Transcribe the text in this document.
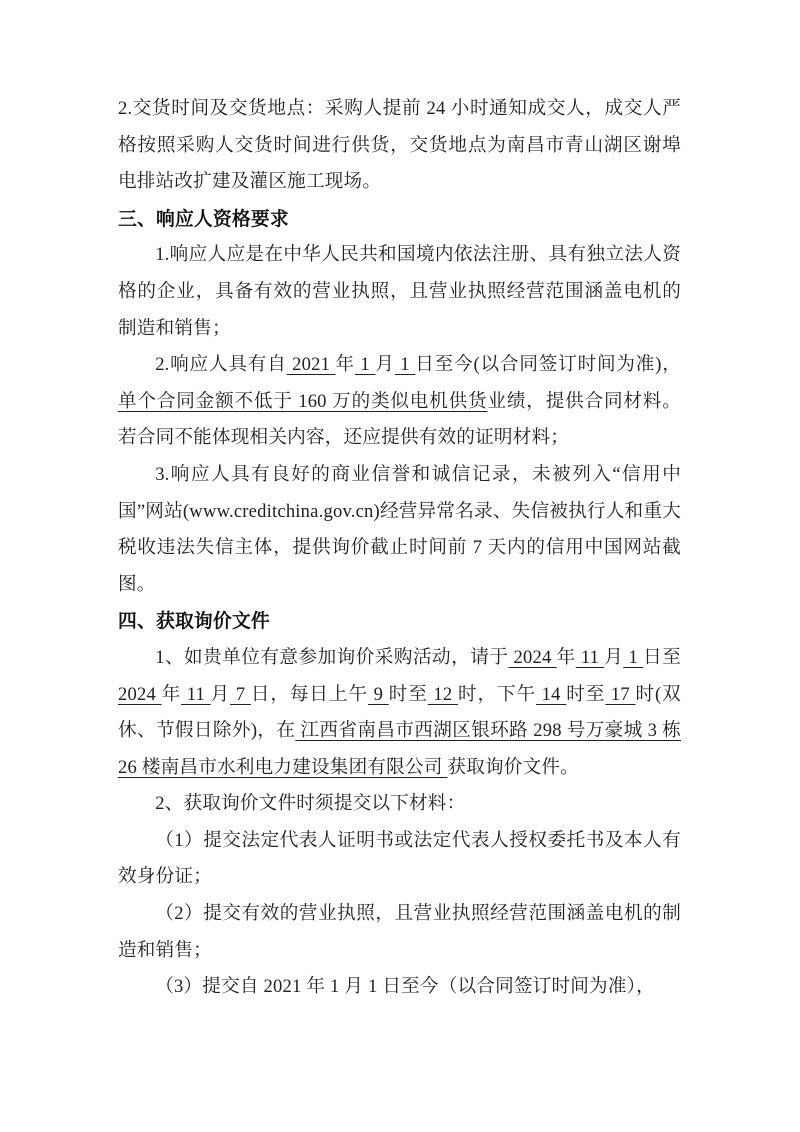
2.交货时间及交货地点：采购人提前 24 小时通知成交人，成交人严格按照采购人交货时间进行供货，交货地点为南昌市青山湖区谢埠电排站改扩建及灌区施工现场。

三、响应人资格要求

1.响应人应是在中华人民共和国境内依法注册、具有独立法人资格的企业，具备有效的营业执照，且营业执照经营范围涵盖电机的制造和销售；

2.响应人具有自 2021 年 1 月 1 日至今(以合同签订时间为准)，单个合同金额不低于 160 万的类似电机供货业绩，提供合同材料。若合同不能体现相关内容，还应提供有效的证明材料；

3.响应人具有良好的商业信誉和诚信记录，未被列入“信用中国”网站(www.creditchina.gov.cn)经营异常名录、失信被执行人和重大税收违法失信主体，提供询价截止时间前 7 天内的信用中国网站截图。

四、获取询价文件

1、如贵单位有意参加询价采购活动，请于 2024 年 11 月 1 日至 2024 年 11 月 7 日，每日上午 9 时至 12 时，下午 14 时至 17 时(双休、节假日除外)，在 江西省南昌市西湖区银环路 298 号万豪城 3 栋 26 楼南昌市水利电力建设集团有限公司 获取询价文件。

2、获取询价文件时须提交以下材料：

（1）提交法定代表人证明书或法定代表人授权委托书及本人有效身份证；

（2）提交有效的营业执照，且营业执照经营范围涵盖电机的制造和销售；

（3）提交自 2021 年 1 月 1 日至今（以合同签订时间为准），
